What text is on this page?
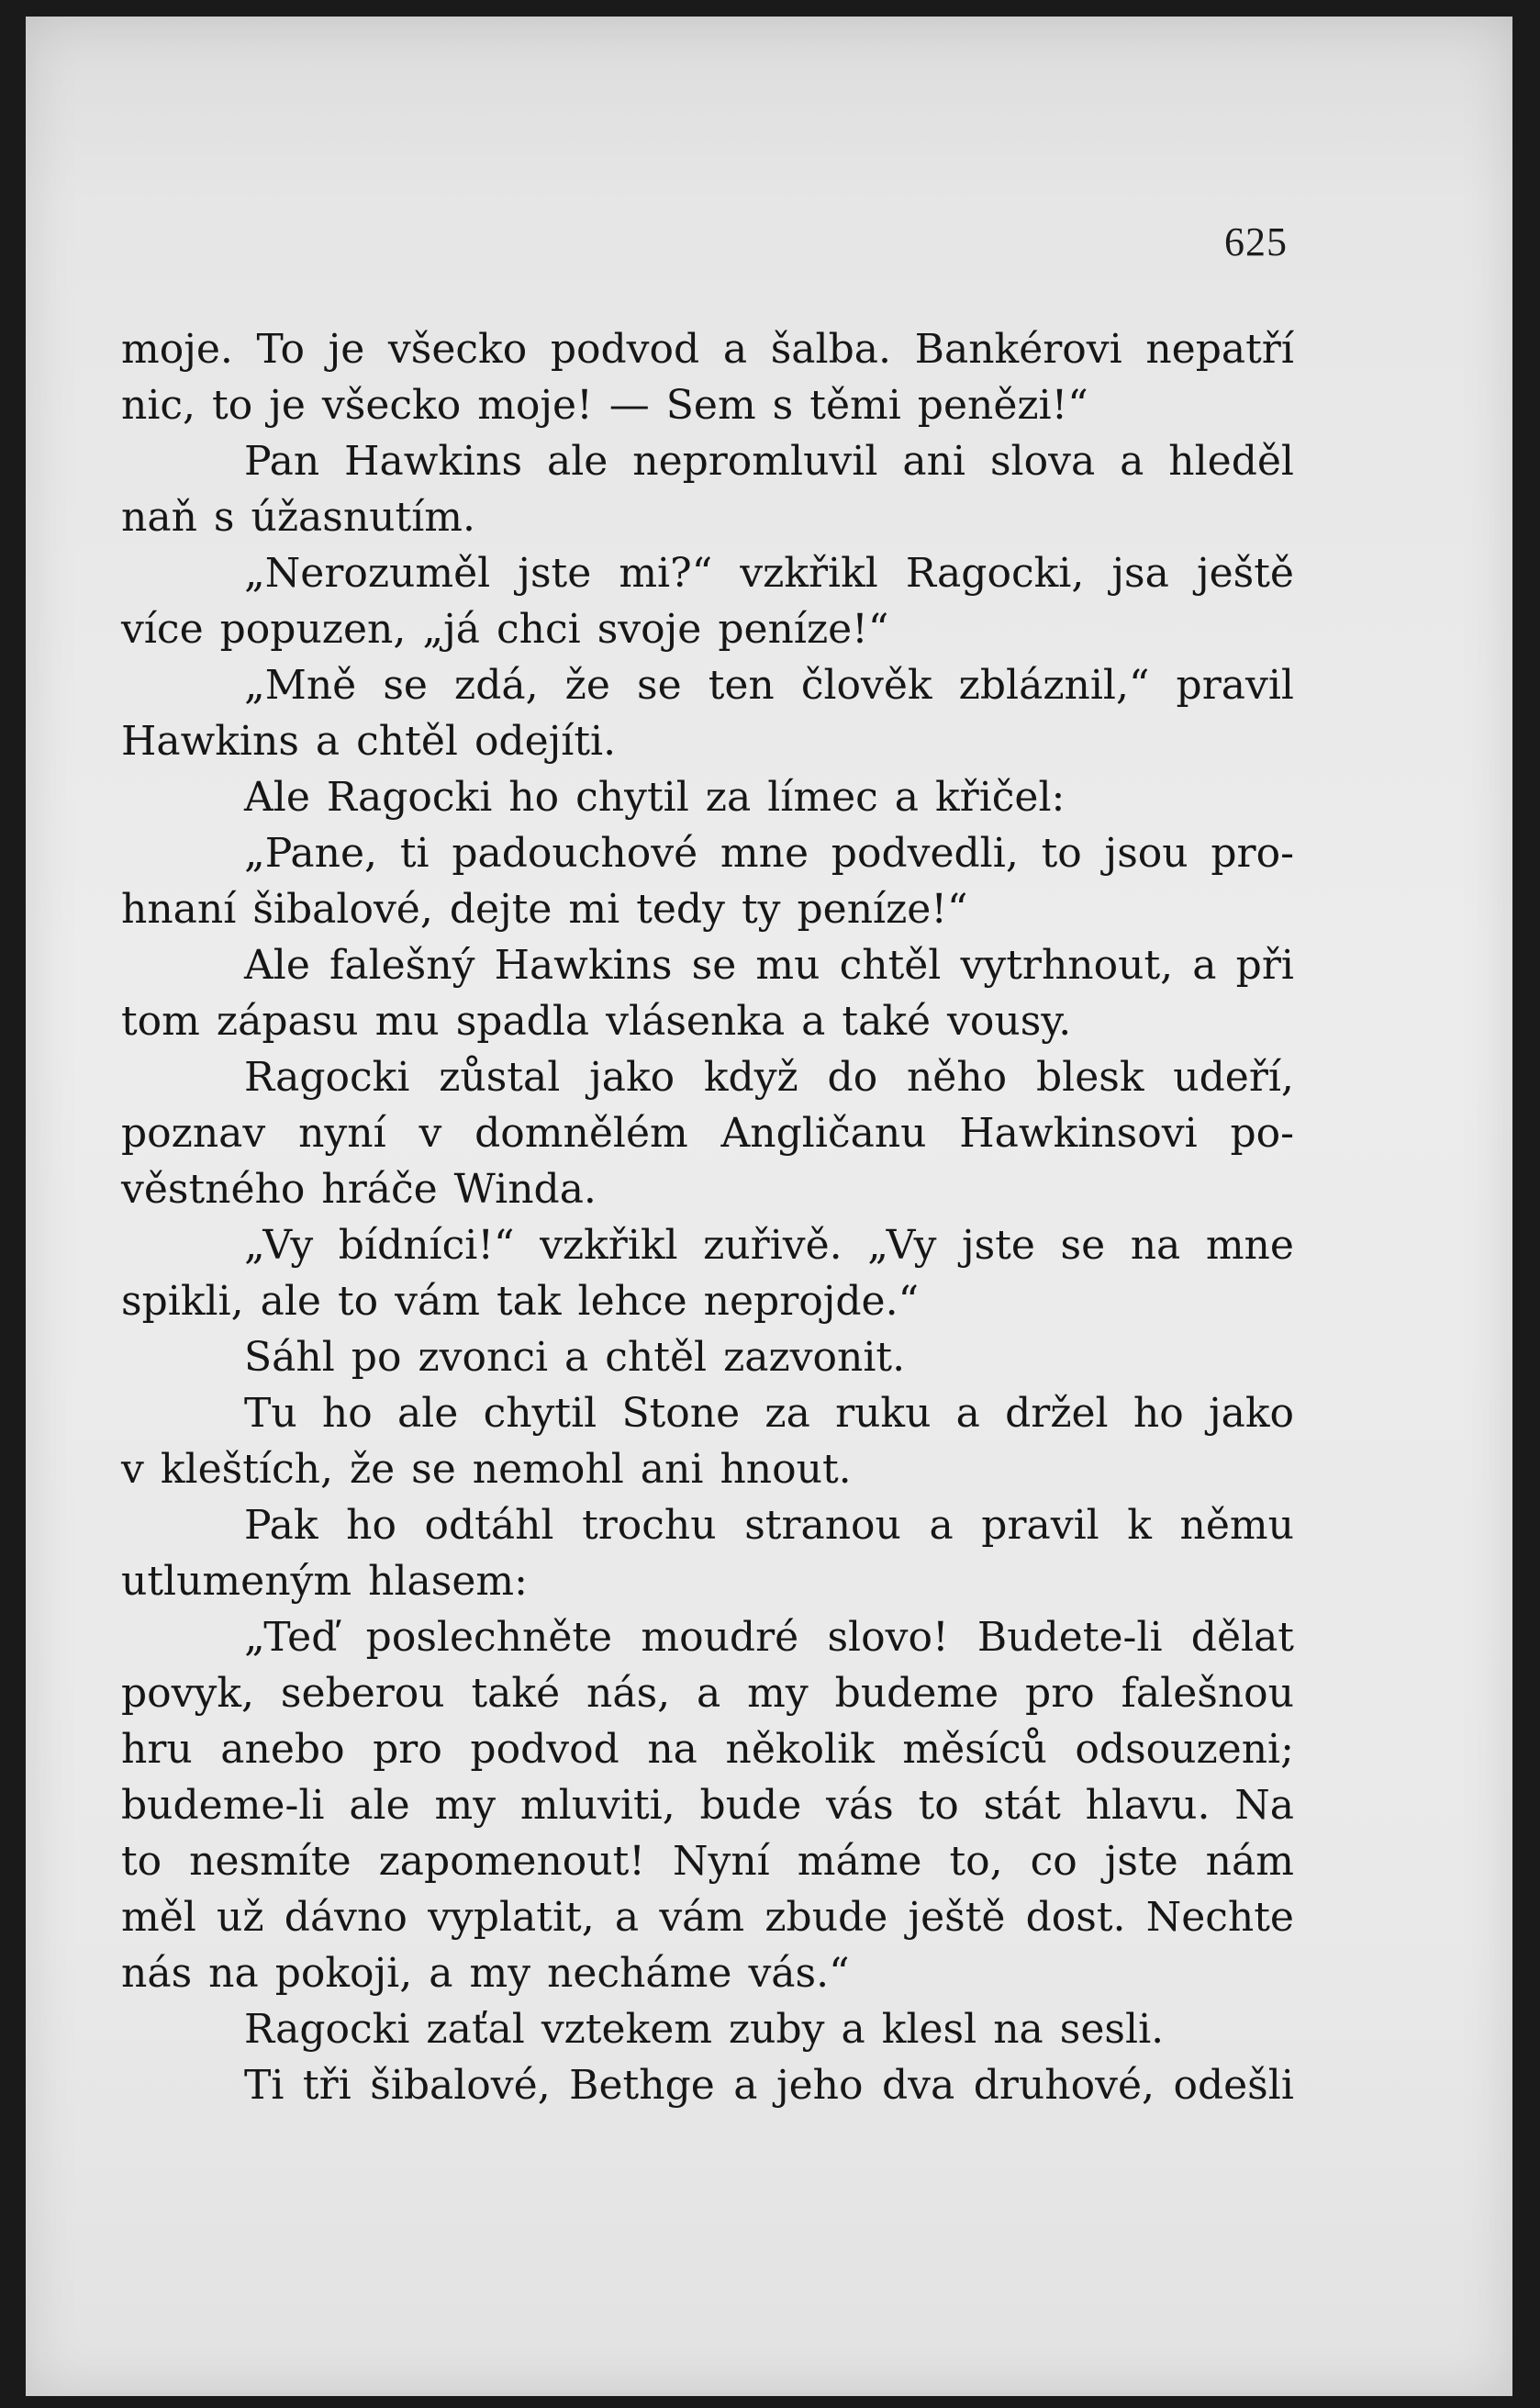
625
moje. To je všecko podvod a šalba. Bankérovi nepatří
nic, to je všecko moje! — Sem s těmi penězi!“
Pan Hawkins ale nepromluvil ani slova a hleděl
naň s úžasnutím.
„Nerozuměl jste mi?“ vzkřikl Ragocki, jsa ještě
více popuzen, „já chci svoje peníze!“
„Mně se zdá, že se ten člověk zbláznil,“ pravil
Hawkins a chtěl odejíti.
Ale Ragocki ho chytil za límec a křičel:
„Pane, ti padouchové mne podvedli, to jsou pro-
hnaní šibalové, dejte mi tedy ty peníze!“
Ale falešný Hawkins se mu chtěl vytrhnout, a při
tom zápasu mu spadla vlásenka a také vousy.
Ragocki zůstal jako když do něho blesk udeří,
poznav nyní v domnělém Angličanu Hawkinsovi po-
věstného hráče Winda.
„Vy bídníci!“ vzkřikl zuřivě. „Vy jste se na mne
spikli, ale to vám tak lehce neprojde.“
Sáhl po zvonci a chtěl zazvonit.
Tu ho ale chytil Stone za ruku a držel ho jako
v kleštích, že se nemohl ani hnout.
Pak ho odtáhl trochu stranou a pravil k němu
utlumeným hlasem:
„Teď poslechněte moudré slovo! Budete-li dělat
povyk, seberou také nás, a my budeme pro falešnou
hru anebo pro podvod na několik měsíců odsouzeni;
budeme-li ale my mluviti, bude vás to stát hlavu. Na
to nesmíte zapomenout! Nyní máme to, co jste nám
měl už dávno vyplatit, a vám zbude ještě dost. Nechte
nás na pokoji, a my necháme vás.“
Ragocki zaťal vztekem zuby a klesl na sesli.
Ti tři šibalové, Bethge a jeho dva druhové, odešli
